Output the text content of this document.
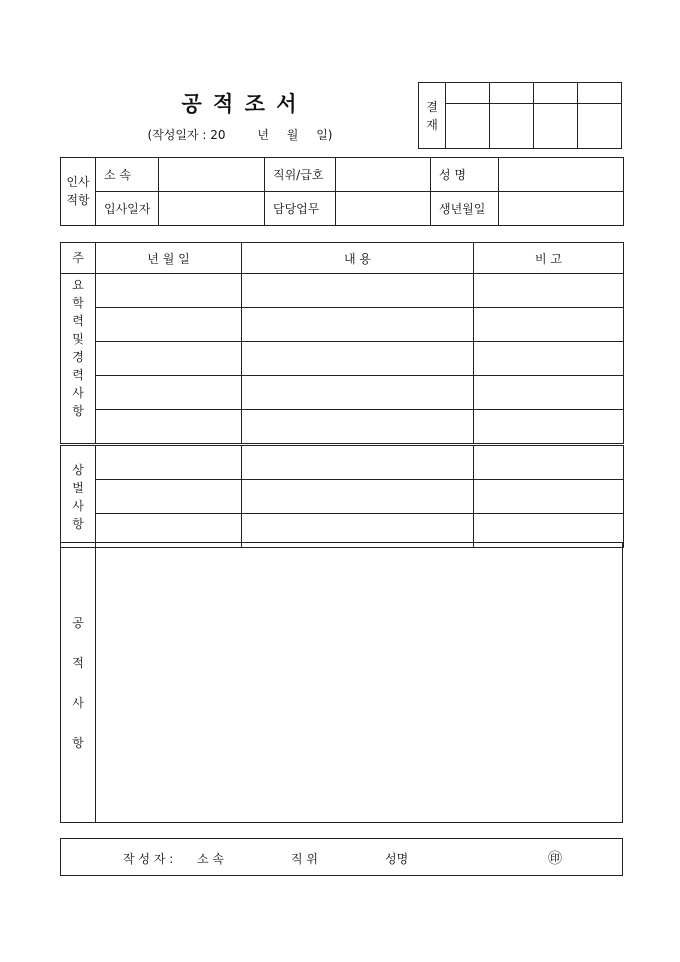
공 적 조 서
(작성일자 : 20	년 월 일)
결
재				

인사적항	소 속		직위/급호		성 명	
	입사일자		담당업무		생년월일	
주	년 월 일	내 용	비 고
요학력및경력사항			

상벌사항			

공
적
사
항

작 성 자 : 소 속	직 위	성명	㊞
